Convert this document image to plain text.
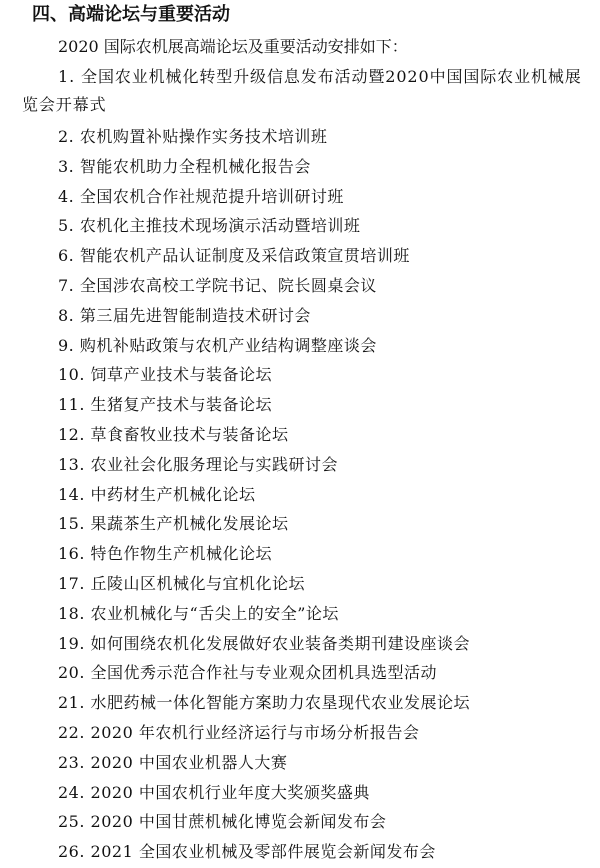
四、高端论坛与重要活动
2020 国际农机展高端论坛及重要活动安排如下：
1. 全国农业机械化转型升级信息发布活动暨2020中国国际农业机械展览会开幕式
2. 农机购置补贴操作实务技术培训班
3. 智能农机助力全程机械化报告会
4. 全国农机合作社规范提升培训研讨班
5. 农机化主推技术现场演示活动暨培训班
6. 智能农机产品认证制度及采信政策宣贯培训班
7. 全国涉农高校工学院书记、院长圆桌会议
8. 第三届先进智能制造技术研讨会
9. 购机补贴政策与农机产业结构调整座谈会
10. 饲草产业技术与装备论坛
11. 生猪复产技术与装备论坛
12. 草食畜牧业技术与装备论坛
13. 农业社会化服务理论与实践研讨会
14. 中药材生产机械化论坛
15. 果蔬茶生产机械化发展论坛
16. 特色作物生产机械化论坛
17. 丘陵山区机械化与宜机化论坛
18. 农业机械化与“舌尖上的安全”论坛
19. 如何围绕农机化发展做好农业装备类期刊建设座谈会
20. 全国优秀示范合作社与专业观众团机具选型活动
21. 水肥药械一体化智能方案助力农垦现代农业发展论坛
22. 2020 年农机行业经济运行与市场分析报告会
23. 2020 中国农业机器人大赛
24. 2020 中国农机行业年度大奖颁奖盛典
25. 2020 中国甘蔗机械化博览会新闻发布会
26. 2021 全国农业机械及零部件展览会新闻发布会
